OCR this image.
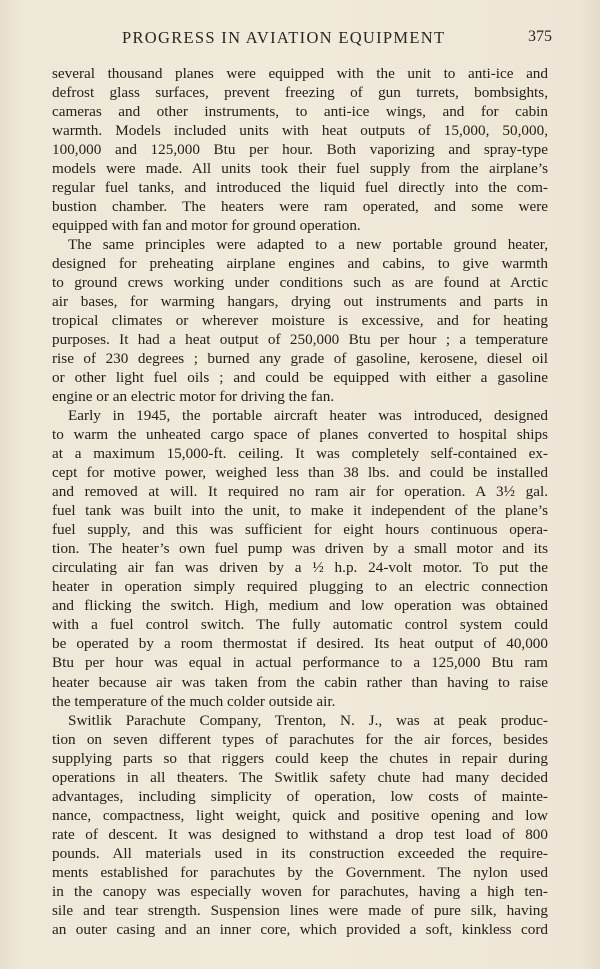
PROGRESS IN AVIATION EQUIPMENT	375
several thousand planes were equipped with the unit to anti-ice and
defrost glass surfaces, prevent freezing of gun turrets, bombsights,
cameras and other instruments, to anti-ice wings, and for cabin
warmth. Models included units with heat outputs of 15,000, 50,000,
100,000 and 125,000 Btu per hour. Both vaporizing and spray-type
models were made. All units took their fuel supply from the airplane’s
regular fuel tanks, and introduced the liquid fuel directly into the com-
bustion chamber. The heaters were ram operated, and some were
equipped with fan and motor for ground operation.
The same principles were adapted to a new portable ground heater,
designed for preheating airplane engines and cabins, to give warmth
to ground crews working under conditions such as are found at Arctic
air bases, for warming hangars, drying out instruments and parts in
tropical climates or wherever moisture is excessive, and for heating
purposes. It had a heat output of 250,000 Btu per hour ; a temperature
rise of 230 degrees ; burned any grade of gasoline, kerosene, diesel oil
or other light fuel oils ; and could be equipped with either a gasoline
engine or an electric motor for driving the fan.
Early in 1945, the portable aircraft heater was introduced, designed
to warm the unheated cargo space of planes converted to hospital ships
at a maximum 15,000-ft. ceiling. It was completely self-contained ex-
cept for motive power, weighed less than 38 lbs. and could be installed
and removed at will. It required no ram air for operation. A 3½ gal.
fuel tank was built into the unit, to make it independent of the plane’s
fuel supply, and this was sufficient for eight hours continuous opera-
tion. The heater’s own fuel pump was driven by a small motor and its
circulating air fan was driven by a ½ h.p. 24-volt motor. To put the
heater in operation simply required plugging to an electric connection
and flicking the switch. High, medium and low operation was obtained
with a fuel control switch. The fully automatic control system could
be operated by a room thermostat if desired. Its heat output of 40,000
Btu per hour was equal in actual performance to a 125,000 Btu ram
heater because air was taken from the cabin rather than having to raise
the temperature of the much colder outside air.
Switlik Parachute Company, Trenton, N. J., was at peak produc-
tion on seven different types of parachutes for the air forces, besides
supplying parts so that riggers could keep the chutes in repair during
operations in all theaters. The Switlik safety chute had many decided
advantages, including simplicity of operation, low costs of mainte-
nance, compactness, light weight, quick and positive opening and low
rate of descent. It was designed to withstand a drop test load of 800
pounds. All materials used in its construction exceeded the require-
ments established for parachutes by the Government. The nylon used
in the canopy was especially woven for parachutes, having a high ten-
sile and tear strength. Suspension lines were made of pure silk, having
an outer casing and an inner core, which provided a soft, kinkless cord
